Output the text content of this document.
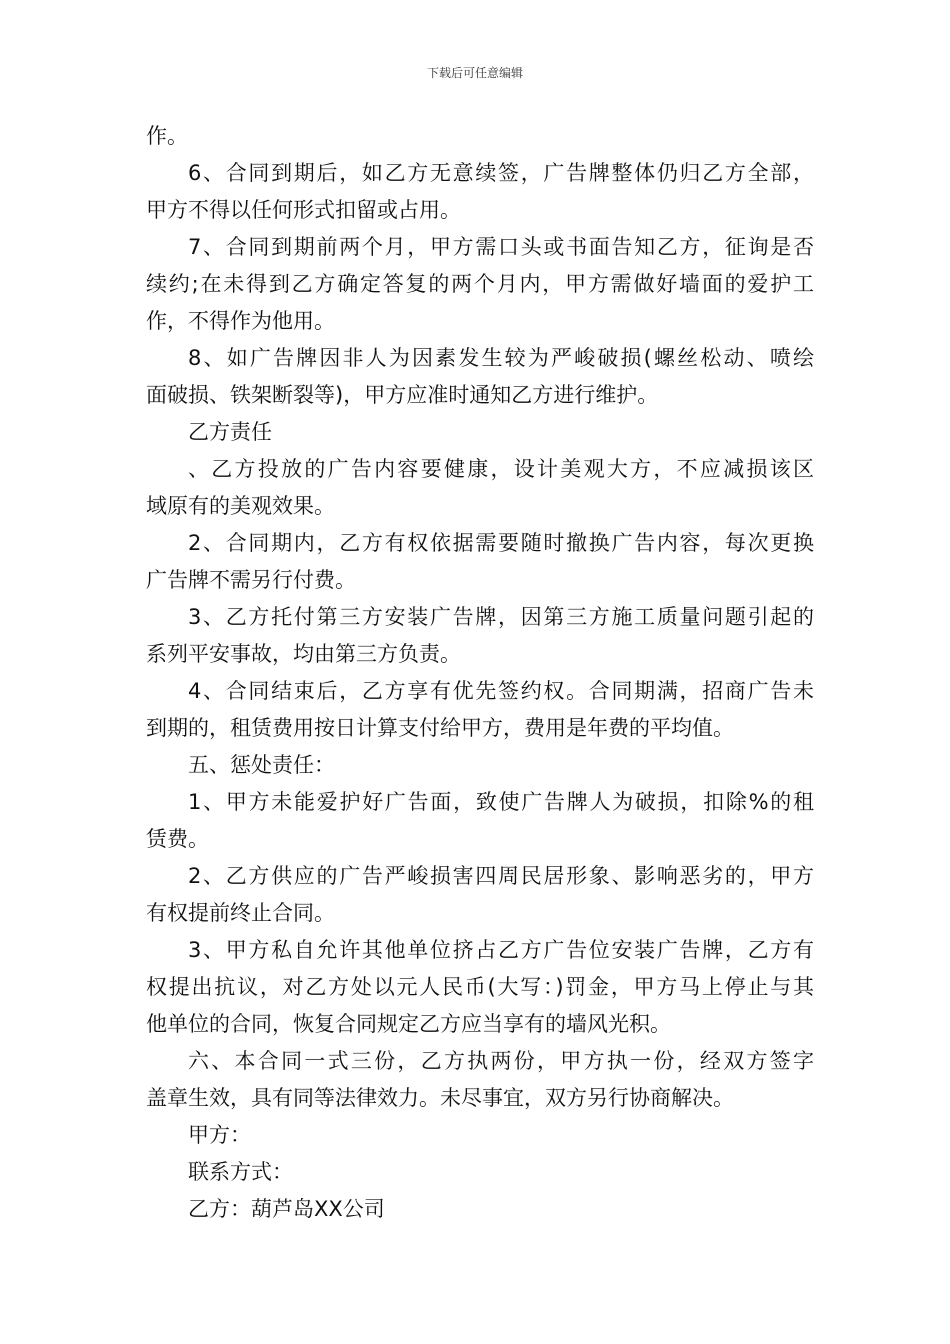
下载后可任意编辑
作。
6、合同到期后，如乙方无意续签，广告牌整体仍归乙方全部，
甲方不得以任何形式扣留或占用。
7、合同到期前两个月，甲方需口头或书面告知乙方，征询是否
续约;在未得到乙方确定答复的两个月内，甲方需做好墙面的爱护工
作，不得作为他用。
8、如广告牌因非人为因素发生较为严峻破损(螺丝松动、喷绘
面破损、铁架断裂等)，甲方应准时通知乙方进行维护。
乙方责任
、乙方投放的广告内容要健康，设计美观大方，不应减损该区
域原有的美观效果。
2、合同期内，乙方有权依据需要随时撤换广告内容，每次更换
广告牌不需另行付费。
3、乙方托付第三方安装广告牌，因第三方施工质量问题引起的
系列平安事故，均由第三方负责。
4、合同结束后，乙方享有优先签约权。合同期满，招商广告未
到期的，租赁费用按日计算支付给甲方，费用是年费的平均值。
五、惩处责任：
1、甲方未能爱护好广告面，致使广告牌人为破损，扣除%的租
赁费。
2、乙方供应的广告严峻损害四周民居形象、影响恶劣的，甲方
有权提前终止合同。
3、甲方私自允许其他单位挤占乙方广告位安装广告牌，乙方有
权提出抗议，对乙方处以元人民币(大写：)罚金，甲方马上停止与其
他单位的合同，恢复合同规定乙方应当享有的墙风光积。
六、本合同一式三份，乙方执两份，甲方执一份，经双方签字
盖章生效，具有同等法律效力。未尽事宜，双方另行协商解决。
甲方：
联系方式：
乙方：葫芦岛XX公司
